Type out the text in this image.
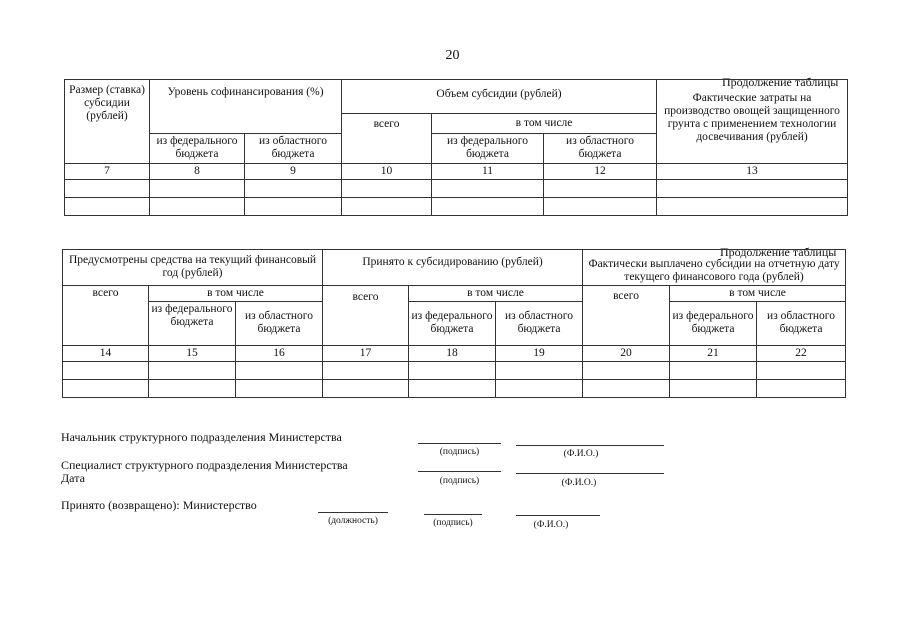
20
Продолжение таблицы
Размер (ставка) субсидии (рублей)	Уровень софинансирования (%)		Объем субсидии (рублей)			Фактические затраты на производство овощей защищенного грунта с применением технологии досвечивания (рублей)
			всего	в том числе		
	из федерального бюджета	из областного бюджета		из федерального бюджета	из областного бюджета	
7	8	9	10	11	12	13

Продолжение таблицы
Предусмотрены средства на текущий финансовый год (рублей)			Принято к субсидированию (рублей)			Фактически выплачено субсидии на отчетную дату текущего финансового года (рублей)		
всего	в том числе		всего	в том числе		всего	в том числе	
	из федерального бюджета	из областного бюджета		из федерального бюджета	из областного бюджета		из федерального бюджета	из областного бюджета
14	15	16	17	18	19	20	21	22

Начальник структурного подразделения Министерства
(подпись)	(Ф.И.О.)
Специалист структурного подразделения Министерства
Дата	(подпись)	(Ф.И.О.)
Принято (возвращено): Министерство
(должность)	(подпись)	(Ф.И.О.)
